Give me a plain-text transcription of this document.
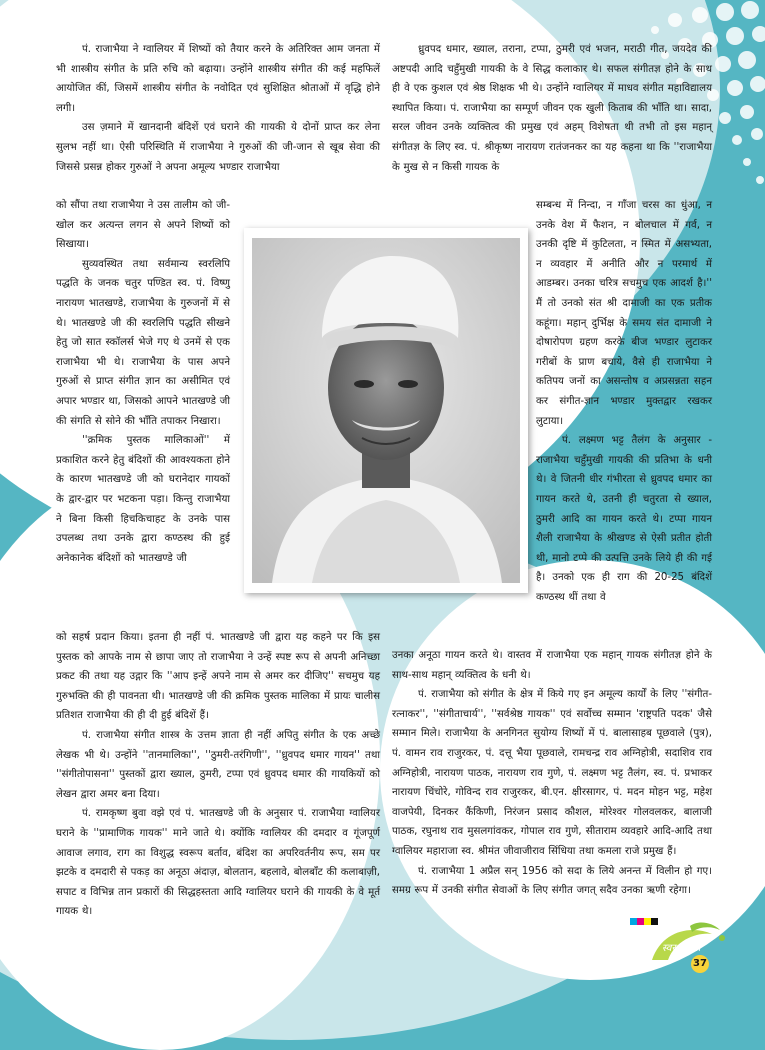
पं. राजाभैया ने ग्वालियर में शिष्यों को तैयार करने के अतिरिक्त आम जनता में भी शास्त्रीय संगीत के प्रति रुचि को बढ़ाया। उन्होंने शास्त्रीय संगीत की कई महफिलें आयोजित कीं, जिसमें शास्त्रीय संगीत के नवोदित एवं सुशिक्षित श्रोताओं में वृद्धि होने लगी।

उस ज़माने में खानदानी बंदिशें एवं घराने की गायकी ये दोनों प्राप्त कर लेना सुलभ नहीं था। ऐसी परिस्थिति में राजाभैया ने गुरुओं की जी-जान से खूब सेवा की जिससे प्रसन्न होकर गुरुओं ने अपना अमूल्य भण्डार राजाभैया

को सौंपा तथा राजाभैया ने उस तालीम को जी-खोल कर अत्यन्त लगन से अपने शिष्यों को सिखाया।

सुव्यवस्थित तथा सर्वमान्य स्वरलिपि पद्धति के जनक चतुर पण्डित स्व. पं. विष्णु नारायण भातखण्डे, राजाभैया के गुरुजनों में से थे। भातखण्डे जी की स्वरलिपि पद्धति सीखने हेतु जो सात स्कॉलर्स भेजे गए थे उनमें से एक राजाभैया भी थे। राजाभैया के पास अपने गुरुओं से प्राप्त संगीत ज्ञान का असीमित एवं अपार भण्डार था, जिसको आपने भातखण्डे जी की संगति से सोने की भाँति तपाकर निखारा।

''क्रमिक पुस्तक मालिकाओं'' में प्रकाशित करने हेतु बंदिशों की आवश्यकता होने के कारण भातखण्डे जी को घरानेदार गायकों के द्वार-द्वार पर भटकना पड़ा। किन्तु राजाभैया ने बिना किसी हिचकिचाहट के उनके पास उपलब्ध तथा उनके द्वारा कण्ठस्थ की हुई अनेकानेक बंदिशों को भातखण्डे जी

को सहर्ष प्रदान किया। इतना ही नहीं पं. भातखण्डे जी द्वारा यह कहने पर कि इस पुस्तक को आपके नाम से छापा जाए तो राजाभैया ने उन्हें स्पष्ट रूप से अपनी अनिच्छा प्रकट की तथा यह उद्गार कि ''आप इन्हें अपने नाम से अमर कर दीजिए'' सचमुच यह गुरुभक्ति की ही पावनता थी। भातखण्डे जी की क्रमिक पुस्तक मालिका में प्रायः चालीस प्रतिशत राजाभैया की ही दी हुई बंदिशें हैं।

पं. राजाभैया संगीत शास्त्र के उत्तम ज्ञाता ही नहीं अपितु संगीत के एक अच्छे लेखक भी थे। उन्होंने ''तानमालिका'', ''ठुमरी-तरंगिणी'', ''ध्रुवपद धमार गायन'' तथा ''संगीतोपासना'' पुस्तकों द्वारा ख्याल, ठुमरी, टप्पा एवं ध्रुवपद धमार की गायकियों को लेखन द्वारा अमर बना दिया।

पं. रामकृष्ण बुवा वझे एवं पं. भातखण्डे जी के अनुसार पं. राजाभैया ग्वालियर घराने के ''प्रामाणिक गायक'' माने जाते थे। क्योंकि ग्वालियर की दमदार व गूंजपूर्ण आवाज लगाव, राग का विशुद्ध स्वरूप बर्ताव, बंदिश का अपरिवर्तनीय रूप, सम पर झटके व दमदारी से पकड़ का अनूठा अंदाज़, बोलतान, बहलावे, बोलबाँट की कलाबाज़ी, सपाट व विभिन्न तान प्रकारों की सिद्धहस्तता आदि ग्वालियर घराने की गायकी के वे मूर्त गायक थे।

ध्रुवपद धमार, ख्याल, तराना, टप्पा, ठुमरी एवं भजन, मराठी गीत, जयदेव की अष्टपदी आदि चहुँमुखी गायकी के वे सिद्ध कलाकार थे। सफल संगीतज्ञ होने के साथ ही वे एक कुशल एवं श्रेष्ठ शिक्षक भी थे। उन्होंने ग्वालियर में माधव संगीत महाविद्यालय स्थापित किया। पं. राजाभैया का सम्पूर्ण जीवन एक खुली किताब की भाँति था। सादा, सरल जीवन उनके व्यक्तित्व की प्रमुख एवं अहम् विशेषता थी तभी तो इस महान् संगीतज्ञ के लिए स्व. पं. श्रीकृष्ण नारायण रातंजनकर का यह कहना था कि ''राजाभैया के मुख से न किसी गायक के

सम्बन्ध में निन्दा, न गाँजा चरस का धुंआ, न उनके वेश में फैशन, न बोलचाल में गर्व, न उनकी दृष्टि में कुटिलता, न स्मित में असभ्यता, न व्यवहार में अनीति और न परमार्थ में आडम्बर। उनका चरित्र सचमुच एक आदर्श है।'' मैं तो उनको संत श्री दामाजी का एक प्रतीक कहूंगा। महान् दुर्भिक्ष के समय संत दामाजी ने दोषारोपण ग्रहण करके बीज भण्डार लुटाकर गरीबों के प्राण बचाये, वैसे ही राजाभैया ने कतिपय जनों का असन्तोष व अप्रसन्नता सहन कर संगीत-ज्ञान भण्डार मुक्तद्वार रखकर लुटाया।

पं. लक्ष्मण भट्ट तैलंग के अनुसार - राजाभैया चहुँमुखी गायकी की प्रतिभा के धनी थे। वे जितनी धीर गंभीरता से ध्रुवपद धमार का गायन करते थे, उतनी ही चतुरता से ख्याल, ठुमरी आदि का गायन करते थे। टप्पा गायन शैली राजाभैया के श्रीखण्ड से ऐसी प्रतीत होती थी, मानो टप्पे की उत्पत्ति उनके लिये ही की गई है। उनको एक ही राग की 20-25 बंदिशें कण्ठस्थ थीं तथा वे

उनका अनूठा गायन करते थे। वास्तव में राजाभैया एक महान् गायक संगीतज्ञ होने के साथ-साथ महान् व्यक्तित्व के धनी थे।

पं. राजाभैया को संगीत के क्षेत्र में किये गए इन अमूल्य कार्यों के लिए ''संगीत-रत्नाकर'', ''संगीताचार्य'', ''सर्वश्रेष्ठ गायक'' एवं सर्वोच्च सम्मान 'राष्ट्रपति पदक' जैसे सम्मान मिले। राजाभैया के अनगिनत सुयोग्य शिष्यों में पं. बालासाहब पूछवाले (पुत्र), पं. वामन राव राजुरकर, पं. दत्तू भैया पूछवाले, रामचन्द्र राव अग्निहोत्री, सदाशिव राव अग्निहोत्री, नारायण पाठक, नारायण राव गुणे, पं. लक्ष्मण भट्ट तैलंग, स्व. पं. प्रभाकर नारायण चिंचोरे, गोविन्द राव राजुरकर, बी.एन. क्षीरसागर, पं. मदन मोहन भट्ट, महेश वाजपेयी, दिनकर कैंकिणी, निरंजन प्रसाद कौशल, मोरेश्वर गोलवलकर, बालाजी पाठक, रघुनाथ राव मुसलगांवकर, गोपाल राव गुणे, सीताराम व्यवहारे आदि-आदि तथा ग्वालियर महाराजा स्व. श्रीमंत जीवाजीराव सिंधिया तथा कमला राजे प्रमुख हैं।

पं. राजाभैया 1 अप्रैल सन् 1956 को सदा के लिये अनन्त में विलीन हो गए। समग्र रूप में उनकी संगीत सेवाओं के लिए संगीत जगत् सदैव उनका ऋणी रहेगा।

स्वर सरिता
37
